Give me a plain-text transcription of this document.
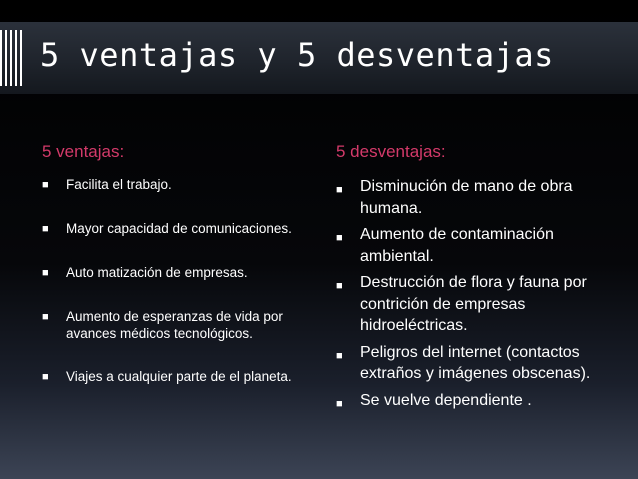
5 ventajas y 5 desventajas
5 ventajas:	5 desventajas:
■ Facilita el trabajo.
■ Mayor capacidad de comunicaciones.
■ Auto matización de empresas.
■ Aumento de esperanzas de vida por avances médicos tecnológicos.
■ Viajes a cualquier parte de el planeta.
■ Disminución de mano de obra humana.
■ Aumento de contaminación ambiental.
■ Destrucción de flora y fauna por contrición de empresas hidroeléctricas.
■ Peligros del internet (contactos extraños y imágenes obscenas).
■ Se vuelve dependiente .
